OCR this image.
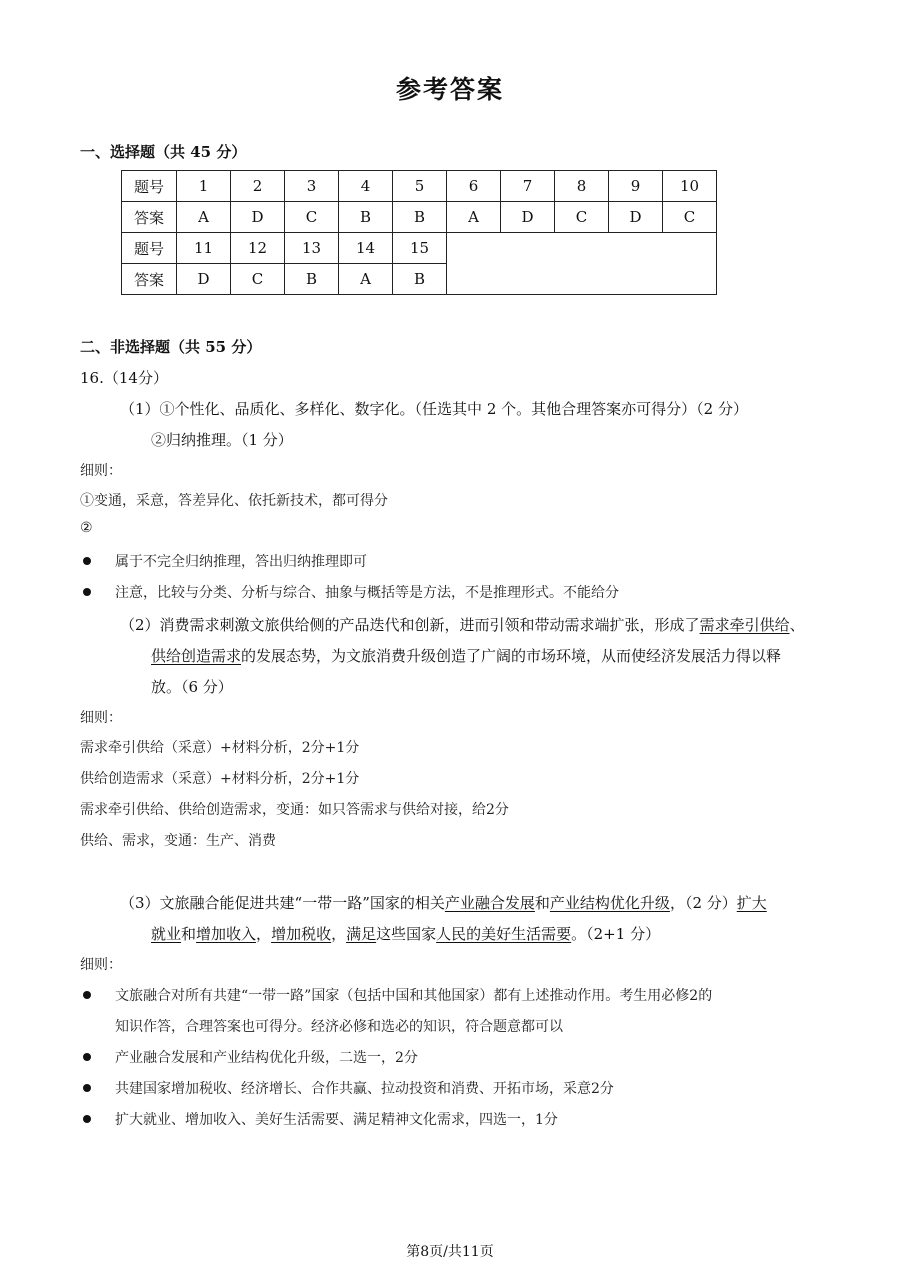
参考答案
一、选择题（共 45 分）
题号	1	2	3	4	5	6	7	8	9	10
答案	A	D	C	B	B	A	D	C	D	C
题号	11	12	13	14	15					
答案	D	C	B	A	B					
二、非选择题（共 55 分）
16.（14分）
（1）①个性化、品质化、多样化、数字化。（任选其中 2 个。其他合理答案亦可得分）（2 分）
②归纳推理。（1 分）
细则：
①变通，采意，答差异化、依托新技术，都可得分
②
属于不完全归纳推理，答出归纳推理即可
注意，比较与分类、分析与综合、抽象与概括等是方法，不是推理形式。不能给分
（2）消费需求刺激文旅供给侧的产品迭代和创新，进而引领和带动需求端扩张，形成了需求牵引供给、
供给创造需求的发展态势，为文旅消费升级创造了广阔的市场环境，从而使经济发展活力得以释
放。（6 分）
细则：
需求牵引供给（采意）+材料分析，2分+1分
供给创造需求（采意）+材料分析，2分+1分
需求牵引供给、供给创造需求，变通：如只答需求与供给对接，给2分
供给、需求，变通：生产、消费
（3）文旅融合能促进共建“一带一路”国家的相关产业融合发展和产业结构优化升级，（2 分）扩大
就业和增加收入，增加税收，满足这些国家人民的美好生活需要。（2+1 分）
细则：
文旅融合对所有共建“一带一路”国家（包括中国和其他国家）都有上述推动作用。考生用必修2的
知识作答，合理答案也可得分。经济必修和选必的知识，符合题意都可以
产业融合发展和产业结构优化升级，二选一，2分
共建国家增加税收、经济增长、合作共赢、拉动投资和消费、开拓市场，采意2分
扩大就业、增加收入、美好生活需要、满足精神文化需求，四选一，1分
第8页/共11页
